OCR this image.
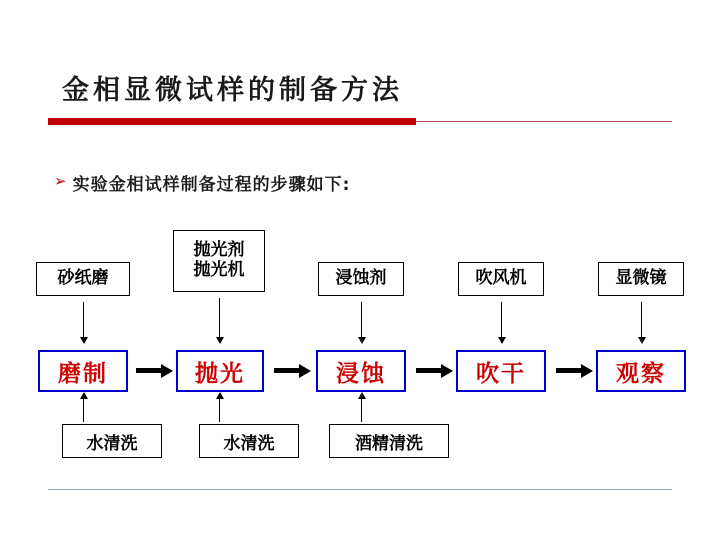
金相显微试样的制备方法
➢ 实验金相试样制备过程的步骤如下:
砂纸磨
磨制
水清洗
抛光剂
抛光机
抛光
水清洗
浸蚀剂
浸蚀
酒精清洗
吹风机
吹干
显微镜
观察
